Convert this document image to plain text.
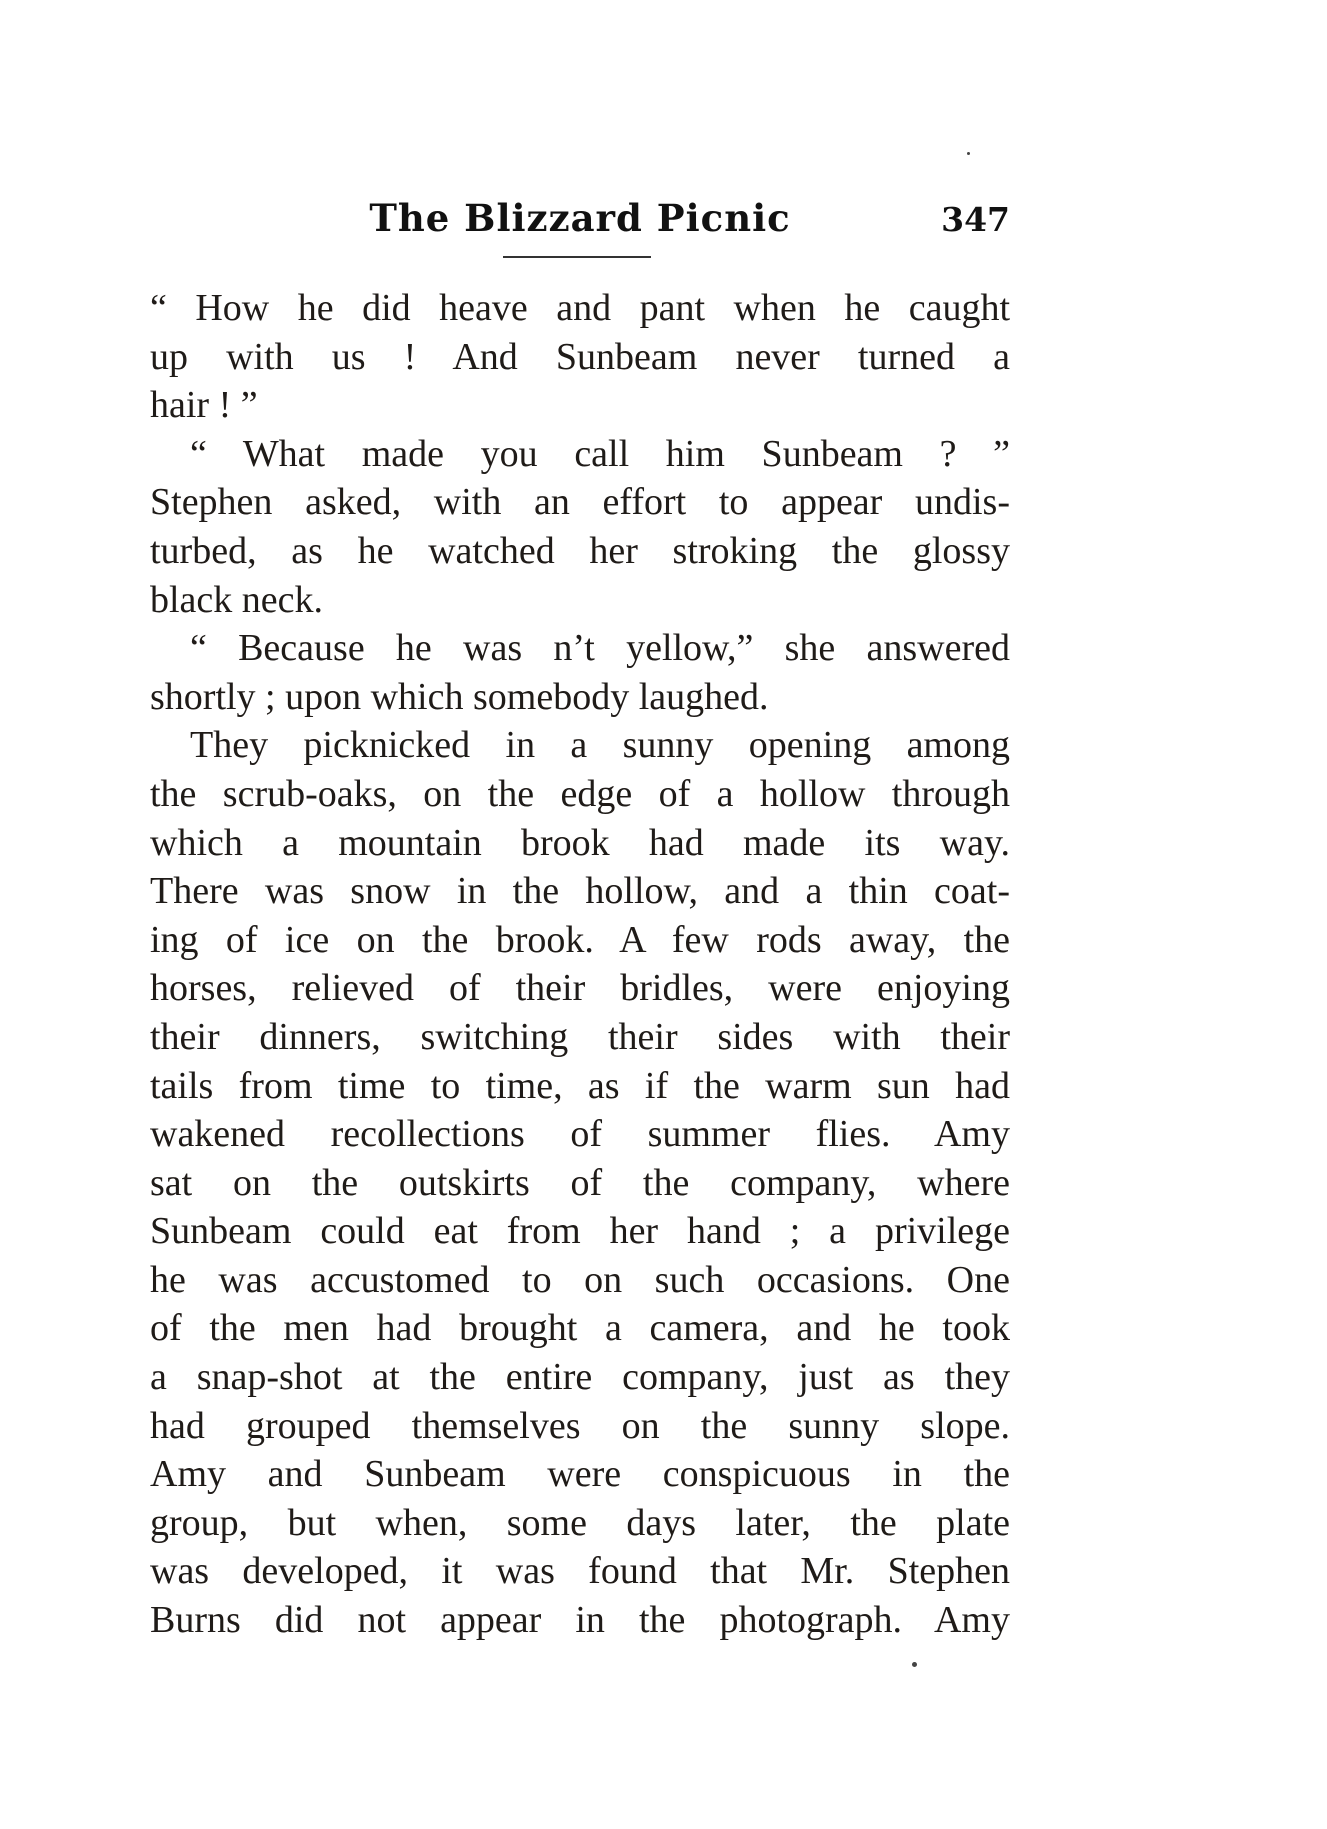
The Blizzard Picnic	347
“ How he did heave and pant when he caught
up with us ! And Sunbeam never turned a
hair ! ”
“ What made you call him Sunbeam ? ”
Stephen asked, with an effort to appear undis-
turbed, as he watched her stroking the glossy
black neck.
“ Because he was n’t yellow,” she answered
shortly ; upon which somebody laughed.
They picknicked in a sunny opening among
the scrub-oaks, on the edge of a hollow through
which a mountain brook had made its way.
There was snow in the hollow, and a thin coat-
ing of ice on the brook. A few rods away, the
horses, relieved of their bridles, were enjoying
their dinners, switching their sides with their
tails from time to time, as if the warm sun had
wakened recollections of summer flies. Amy
sat on the outskirts of the company, where
Sunbeam could eat from her hand ; a privilege
he was accustomed to on such occasions. One
of the men had brought a camera, and he took
a snap-shot at the entire company, just as they
had grouped themselves on the sunny slope.
Amy and Sunbeam were conspicuous in the
group, but when, some days later, the plate
was developed, it was found that Mr. Stephen
Burns did not appear in the photograph. Amy
